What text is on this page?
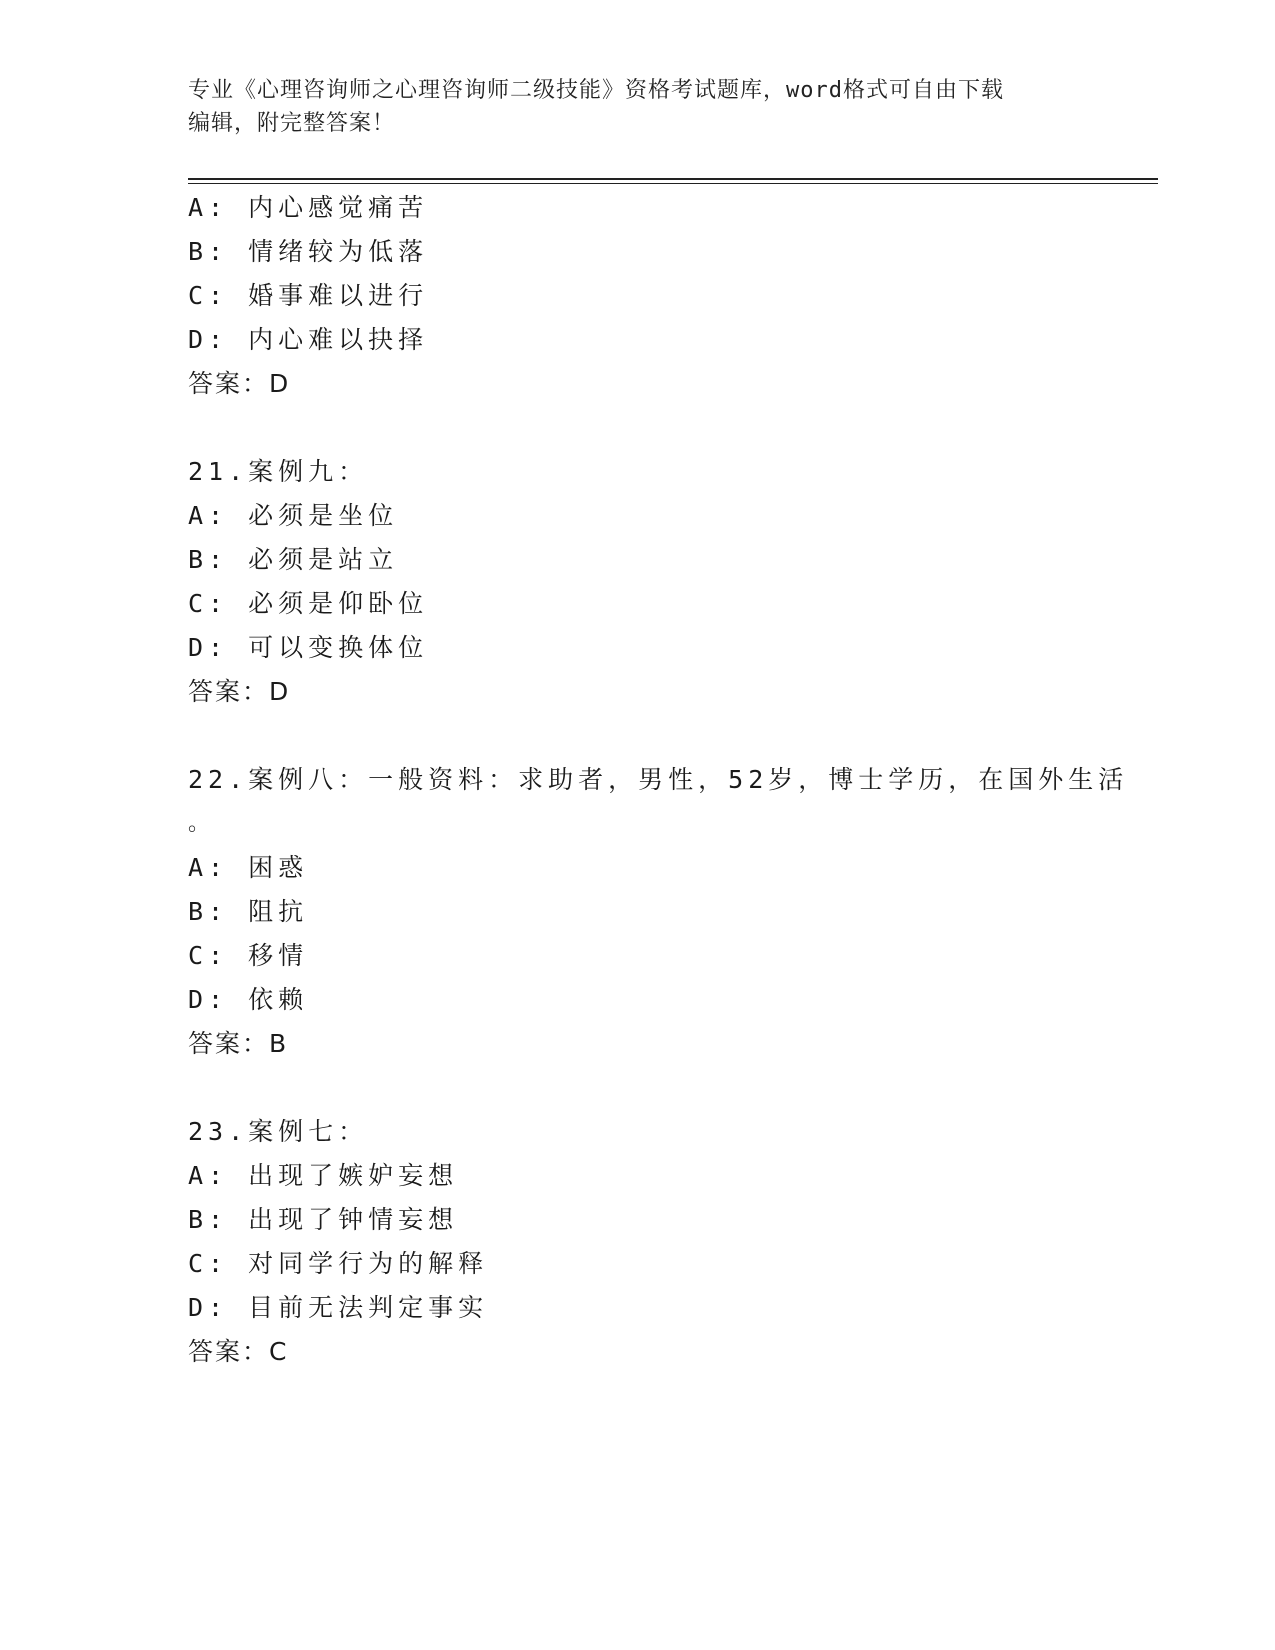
专业《心理咨询师之心理咨询师二级技能》资格考试题库，word格式可自由下载
编辑，附完整答案！
A: 内心感觉痛苦
B: 情绪较为低落
C: 婚事难以进行
D: 内心难以抉择
答案：D
21.案例九：
A: 必须是坐位
B: 必须是站立
C: 必须是仰卧位
D: 可以变换体位
答案：D
22.案例八：一般资料：求助者，男性，52岁，博士学历，在国外生活
。
A: 困惑
B: 阻抗
C: 移情
D: 依赖
答案：B
23.案例七：
A: 出现了嫉妒妄想
B: 出现了钟情妄想
C: 对同学行为的解释
D: 目前无法判定事实
答案：C
